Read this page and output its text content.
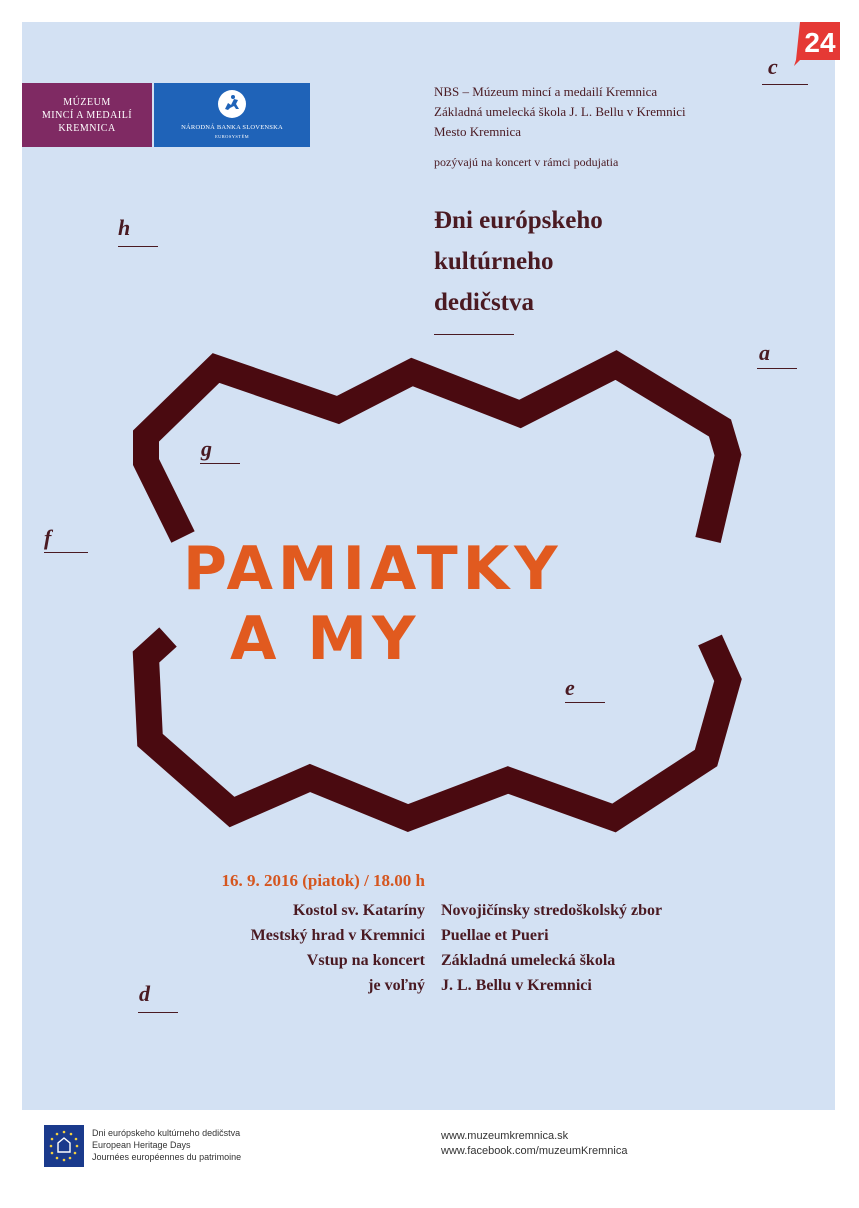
MÚZEUM
MINCÍ A MEDAILÍ
KREMNICA	NÁRODNÁ BANKA SLOVENSKA
EUROSYSTÉM
NBS – Múzeum mincí a medailí Kremnica
Základná umelecká škola J. L. Bellu v Kremnici
Mesto Kremnica
pozývajú na koncert v rámci podujatia
Đni európskeho
kultúrneho
dedičstva
c
h
a
g
f
e
d
PAMIATKY
A MY
16. 9. 2016 (piatok) / 18.00 h
Kostol sv. Kataríny
Mestský hrad v Kremnici
Vstup na koncert
je voľný
Novojičínsky stredoškolský zbor
Puellae et Pueri
Základná umelecká škola
J. L. Bellu v Kremnici
Dni európskeho kultúrneho dedičstva
European Heritage Days
Journées européennes du patrimoine
www.muzeumkremnica.sk
www.facebook.com/muzeumKremnica
24
